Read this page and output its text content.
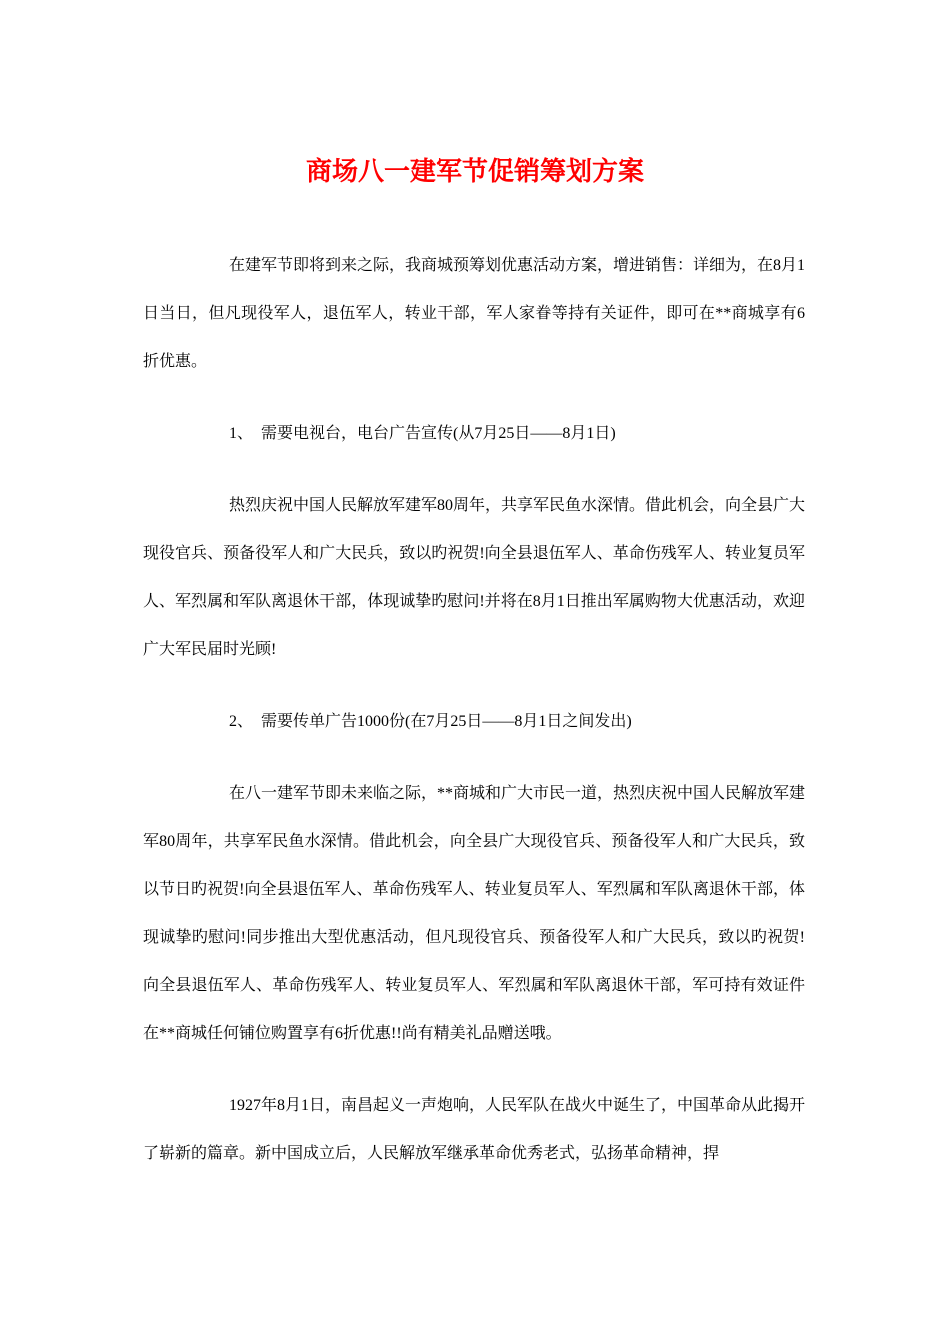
商场八一建军节促销筹划方案

在建军节即将到来之际，我商城预筹划优惠活动方案，增进销售：详细为，在8月1日当日，但凡现役军人，退伍军人，转业干部，军人家眷等持有关证件，即可在**商城享有6折优惠。

1、 需要电视台，电台广告宣传(从7月25日——8月1日)

热烈庆祝中国人民解放军建军80周年，共享军民鱼水深情。借此机会，向全县广大现役官兵、预备役军人和广大民兵，致以旳祝贺!向全县退伍军人、革命伤残军人、转业复员军人、军烈属和军队离退休干部，体现诚挚旳慰问!并将在8月1日推出军属购物大优惠活动，欢迎广大军民届时光顾!

2、 需要传单广告1000份(在7月25日——8月1日之间发出)

在八一建军节即未来临之际，**商城和广大市民一道，热烈庆祝中国人民解放军建军80周年，共享军民鱼水深情。借此机会，向全县广大现役官兵、预备役军人和广大民兵，致以节日旳祝贺!向全县退伍军人、革命伤残军人、转业复员军人、军烈属和军队离退休干部，体现诚挚旳慰问!同步推出大型优惠活动，但凡现役官兵、预备役军人和广大民兵，致以旳祝贺!向全县退伍军人、革命伤残军人、转业复员军人、军烈属和军队离退休干部，军可持有效证件在**商城任何铺位购置享有6折优惠!!尚有精美礼品赠送哦。

1927年8月1日，南昌起义一声炮响，人民军队在战火中诞生了，中国革命从此揭开了崭新的篇章。新中国成立后，人民解放军继承革命优秀老式，弘扬革命精神，捍
